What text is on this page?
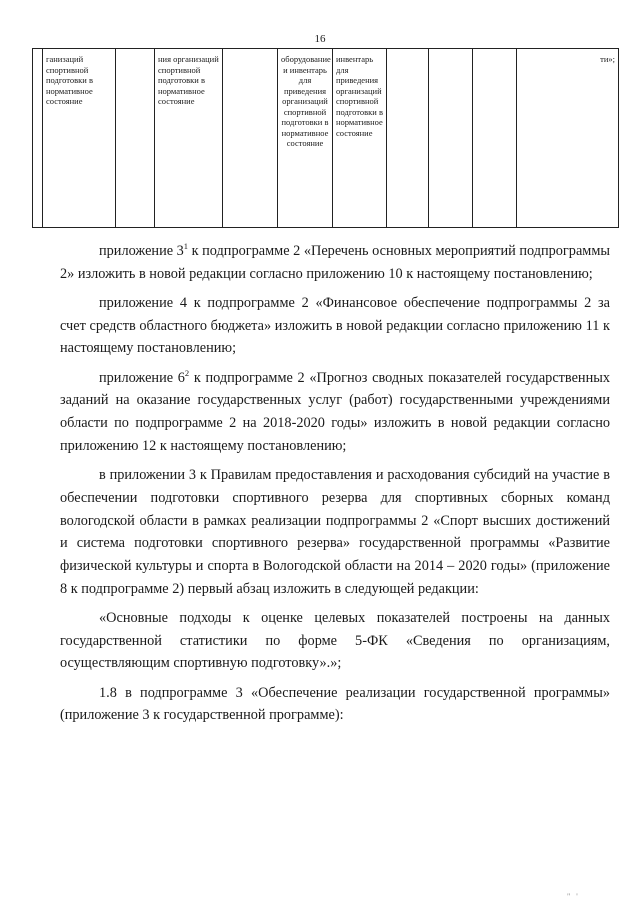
16
	ганизаций спортивной подготовки в нормативное состояние		ния организаций спортивной подготовки в нормативное состояние		оборудование и инвентарь для приведения организаций спортивной подготовки в нормативное состояние	инвентарь для приведения организаций спортивной подготовки в нормативное состояние				ти»;

приложение $3^1$ к подпрограмме 2 «Перечень основных мероприятий подпрограммы 2» изложить в новой редакции согласно приложению 10 к настоящему постановлению;

приложение 4 к подпрограмме 2 «Финансовое обеспечение подпрограммы 2 за счет средств областного бюджета» изложить в новой редакции согласно приложению 11 к настоящему постановлению;

приложение $6^2$ к подпрограмме 2 «Прогноз сводных показателей государственных заданий на оказание государственных услуг (работ) государственными учреждениями области по подпрограмме 2 на 2018-2020 годы» изложить в новой редакции согласно приложению 12 к настоящему постановлению;

в приложении 3 к Правилам предоставления и расходования субсидий на участие в обеспечении подготовки спортивного резерва для спортивных сборных команд вологодской области в рамках реализации подпрограммы 2 «Спорт высших достижений и система подготовки спортивного резерва» государственной программы «Развитие физической культуры и спорта в Вологодской области на 2014 – 2020 годы» (приложение 8 к подпрограмме 2) первый абзац изложить в следующей редакции:

«Основные подходы к оценке целевых показателей построены на данных государственной статистики по форме 5-ФК «Сведения по организациям, осуществляющим спортивную подготовку».»;

1.8 в подпрограмме 3 «Обеспечение реализации государственной программы» (приложение 3 к государственной программе):

" '
